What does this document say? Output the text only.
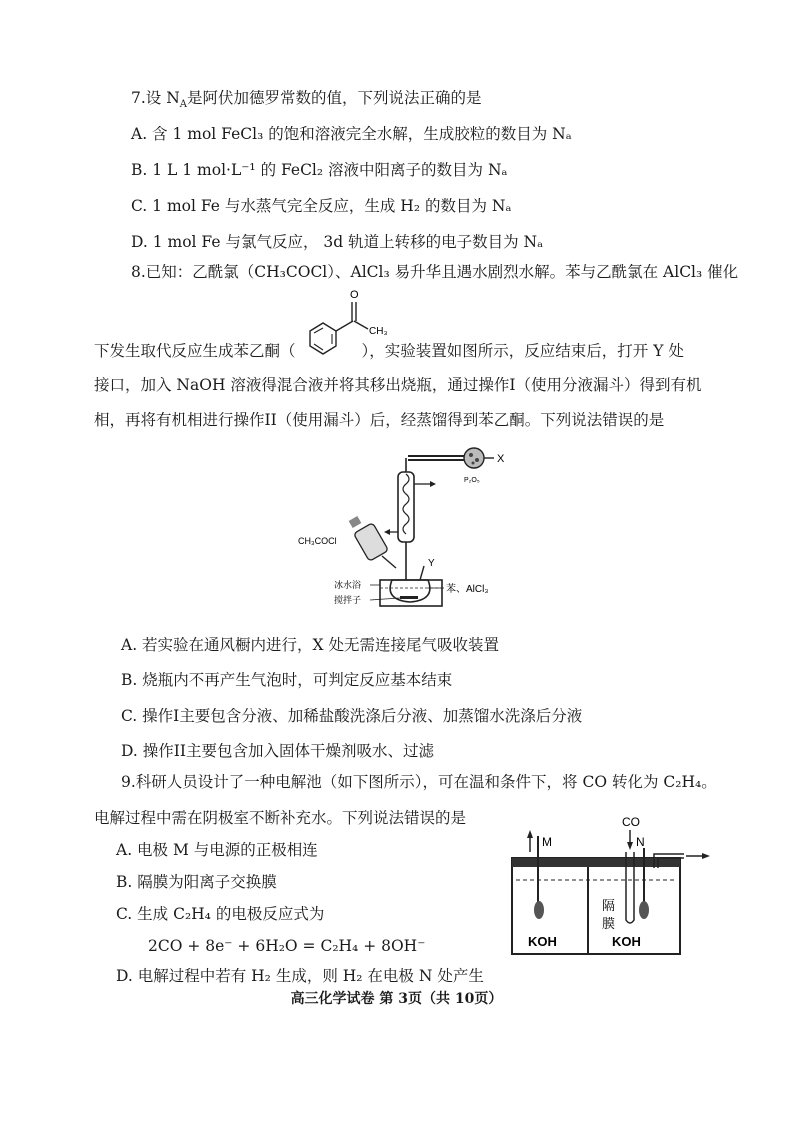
7.设 $N_A$是阿伏加德罗常数的值，下列说法正确的是
A. 含 1 mol FeCl₃ 的饱和溶液完全水解，生成胶粒的数目为 Nₐ
B. 1 L 1 mol·L⁻¹ 的 FeCl₂ 溶液中阳离子的数目为 Nₐ
C. 1 mol Fe 与水蒸气完全反应，生成 H₂ 的数目为 Nₐ
D. 1 mol Fe 与氯气反应， 3d 轨道上转移的电子数目为 Nₐ
8.已知：乙酰氯（CH₃COCl）、AlCl₃ 易升华且遇水剧烈水解。苯与乙酰氯在 AlCl₃ 催化
O
CH₃
下发生取代反应生成苯乙酮（	），实验装置如图所示，反应结束后，打开 Y 处
接口，加入 NaOH 溶液得混合液并将其移出烧瓶，通过操作I（使用分液漏斗）得到有机
相，再将有机相进行操作II（使用漏斗）后，经蒸馏得到苯乙酮。下列说法错误的是
X
P₂O₅
CH₃COCl
Y
冰水浴
搅拌子
苯、AlCl₃
A. 若实验在通风橱内进行，X 处无需连接尾气吸收装置
B. 烧瓶内不再产生气泡时，可判定反应基本结束
C. 操作I主要包含分液、加稀盐酸洗涤后分液、加蒸馏水洗涤后分液
D. 操作II主要包含加入固体干燥剂吸水、过滤
9.科研人员设计了一种电解池（如下图所示），可在温和条件下，将 CO 转化为 C₂H₄。
电解过程中需在阴极室不断补充水。下列说法错误的是
A. 电极 M 与电源的正极相连
B. 隔膜为阳离子交换膜
C. 生成 C₂H₄ 的电极反应式为
2CO + 8e⁻ + 6H₂O = C₂H₄ + 8OH⁻
D. 电解过程中若有 H₂ 生成，则 H₂ 在电极 N 处产生
M
隔
膜
CO
N
KOH	KOH
高三化学试卷 第 3页（共 10页）
